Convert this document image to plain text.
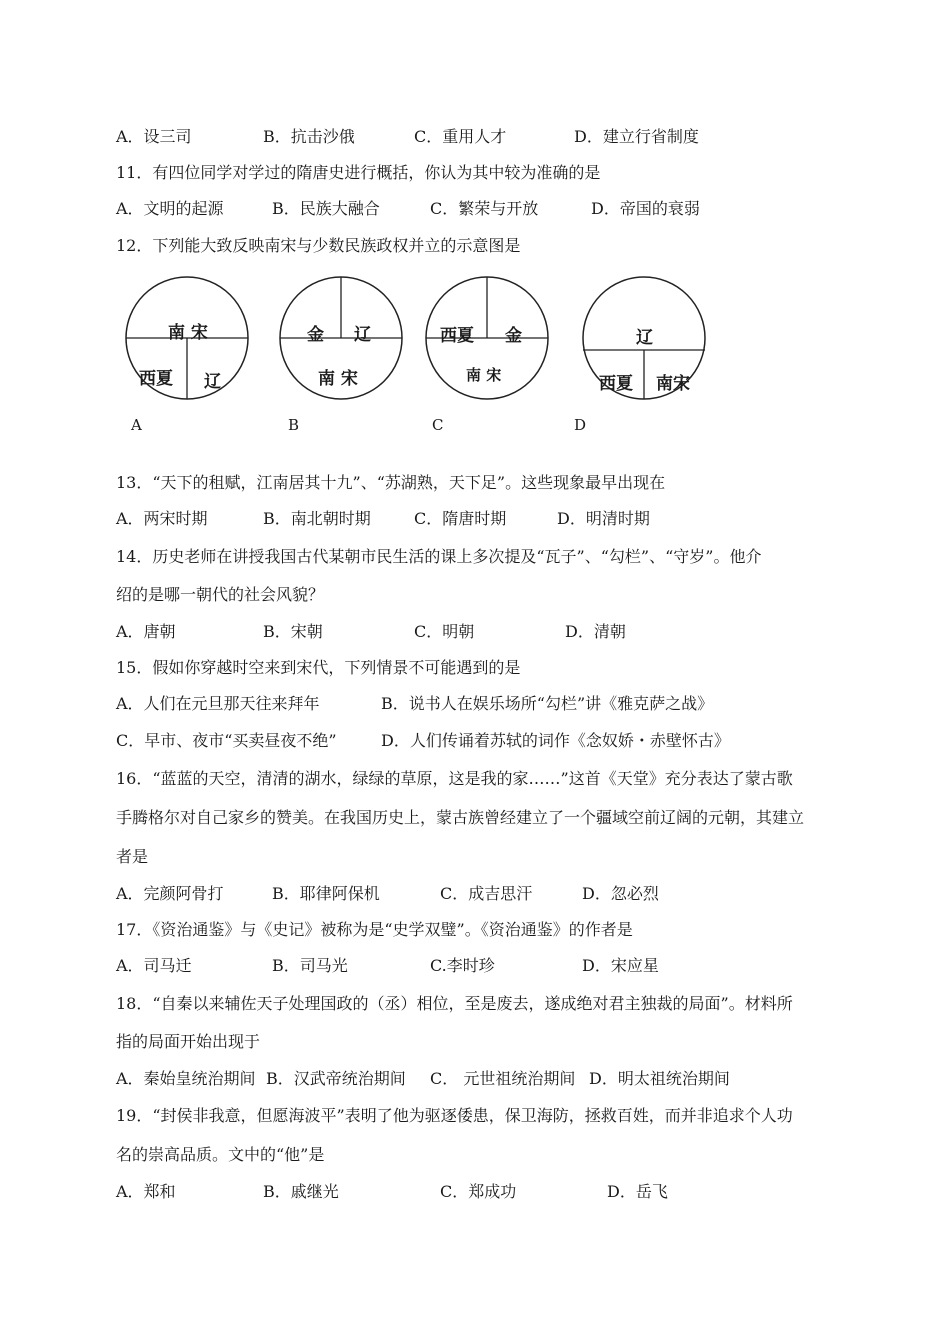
A．设三司	B．抗击沙俄	C．重用人才	D．建立行省制度
11．有四位同学对学过的隋唐史进行概括，你认为其中较为准确的是
A．文明的起源	B．民族大融合	C．繁荣与开放	D．帝国的衰弱
12．下列能大致反映南宋与少数民族政权并立的示意图是
南 宋
西夏 辽
A
金 辽
南 宋
B
西夏 金
南 宋
C
辽
西夏 南宋
D
13．“天下的租赋，江南居其十九”、“苏湖熟，天下足”。这些现象最早出现在
A．两宋时期	B．南北朝时期	C．隋唐时期	D．明清时期
14．历史老师在讲授我国古代某朝市民生活的课上多次提及“瓦子”、“勾栏”、“守岁”。他介
绍的是哪一朝代的社会风貌？
A．唐朝	B．宋朝	C．明朝	D．清朝
15．假如你穿越时空来到宋代，下列情景不可能遇到的是
A．人们在元旦那天往来拜年	B．说书人在娱乐场所“勾栏”讲《雅克萨之战》
C．早市、夜市“买卖昼夜不绝”	D．人们传诵着苏轼的词作《念奴娇・赤壁怀古》
16．“蓝蓝的天空，清清的湖水，绿绿的草原，这是我的家……”这首《天堂》充分表达了蒙古歌
手腾格尔对自己家乡的赞美。在我国历史上，蒙古族曾经建立了一个疆域空前辽阔的元朝，其建立
者是
A．完颜阿骨打	B．耶律阿保机	C．成吉思汗	D．忽必烈
17．《资治通鉴》与《史记》被称为是“史学双璧”。《资治通鉴》的作者是
A．司马迁	B．司马光	C.李时珍	D．宋应星
18．“自秦以来辅佐天子处理国政的（丞）相位，至是废去，遂成绝对君主独裁的局面”。材料所
指的局面开始出现于
A．秦始皇统治期间 B．汉武帝统治期间 C． 元世祖统治期间 D．明太祖统治期间
19．“封侯非我意，但愿海波平”表明了他为驱逐倭患，保卫海防，拯救百姓，而并非追求个人功
名的崇高品质。文中的“他”是
A．郑和	B．戚继光	C．郑成功	D．岳飞
